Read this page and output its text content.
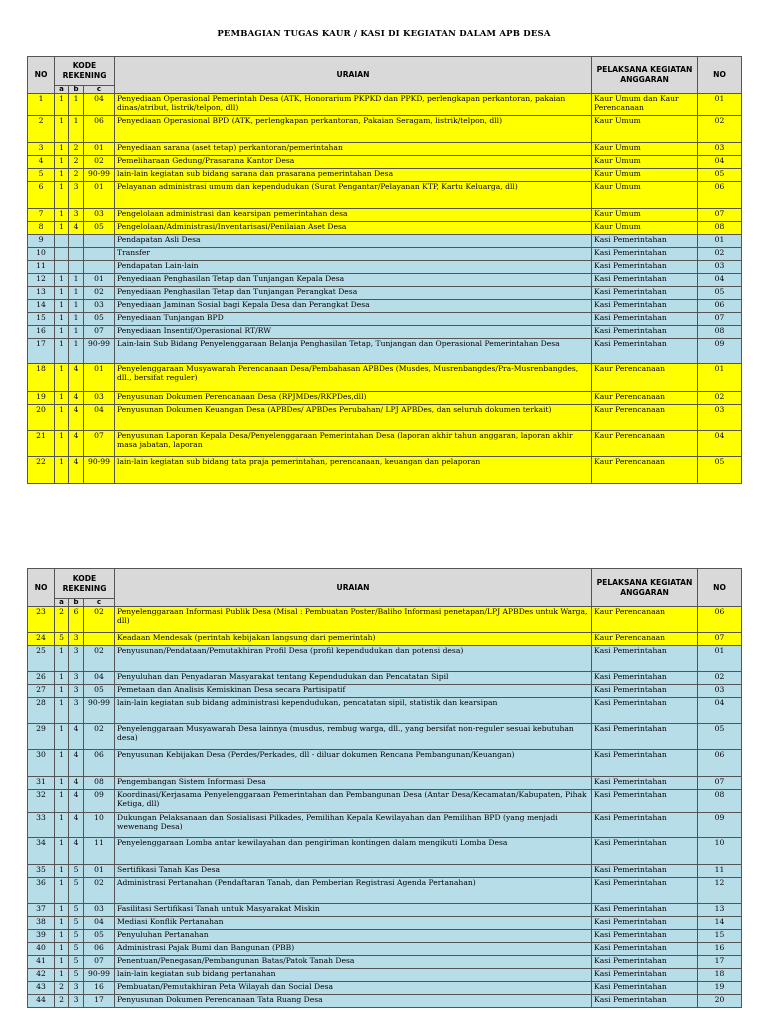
PEMBAGIAN TUGAS KAUR / KASI DI KEGIATAN DALAM APB DESA
NO	KODE REKENING			URAIAN	PELAKSANA KEGIATAN ANGGARAN	NO
	a	b	c			
1	1	1	04	Penyediaan Operasional Pemerintah Desa (ATK, Honorarium PKPKD dan PPKD, perlengkapan perkantoran, pakaian dinas/atribut, listrik/telpon, dll)	Kaur Umum dan Kaur Perencanaan	01
2	1	1	06	Penyediaan Operasional BPD (ATK, perlengkapan perkantoran, Pakaian Seragam, listrik/telpon, dll)	Kaur Umum	02
3	1	2	01	Penyediaan sarana (aset tetap) perkantoran/pemerintahan	Kaur Umum	03
4	1	2	02	Pemeliharaan Gedung/Prasarana Kantor Desa	Kaur Umum	04
5	1	2	90-99	lain-lain kegiatan sub bidang sarana dan prasarana pemerintahan Desa	Kaur Umum	05
6	1	3	01	Pelayanan administrasi umum dan kependudukan (Surat Pengantar/Pelayanan KTP, Kartu Keluarga, dll)	Kaur Umum	06
7	1	3	03	Pengelolaan administrasi dan kearsipan pemerintahan desa	Kaur Umum	07
8	1	4	05	Pengelolaan/Administrasi/Inventarisasi/Penilaian Aset Desa	Kaur Umum	08
9				Pendapatan Asli Desa	Kasi Pemerintahan	01
10				Transfer	Kasi Pemerintahan	02
11				Pendapatan Lain-lain	Kasi Pemerintahan	03
12	1	1	01	Penyediaan Penghasilan Tetap dan Tunjangan Kepala Desa	Kasi Pemerintahan	04
13	1	1	02	Penyediaan Penghasilan Tetap dan Tunjangan Perangkat Desa	Kasi Pemerintahan	05
14	1	1	03	Penyediaan Jaminan Sosial bagi Kepala Desa dan Perangkat Desa	Kasi Pemerintahan	06
15	1	1	05	Penyediaan Tunjangan BPD	Kasi Pemerintahan	07
16	1	1	07	Penyediaan Insentif/Operasional RT/RW	Kasi Pemerintahan	08
17	1	1	90-99	Lain-lain Sub Bidang Penyelenggaraan Belanja Penghasilan Tetap, Tunjangan dan Operasional Pemerintahan Desa	Kasi Pemerintahan	09
18	1	4	01	Penyelenggaraan Musyawarah Perencanaan Desa/Pembahasan APBDes (Musdes, Musrenbangdes/Pra-Musrenbangdes, dll., bersifat reguler)	Kaur Perencanaan	01
19	1	4	03	Penyusunan Dokumen Perencanaan Desa (RPJMDes/RKPDes,dll)	Kaur Perencanaan	02
20	1	4	04	Penyusunan Dokumen Keuangan Desa (APBDes/ APBDes Perubahan/ LPJ APBDes, dan seluruh dokumen terkait)	Kaur Perencanaan	03
21	1	4	07	Penyusunan Laporan Kepala Desa/Penyelenggaraan Pemerintahan Desa (laporan akhir tahun anggaran, laporan akhir masa jabatan, laporan	Kaur Perencanaan	04
22	1	4	90-99	lain-lain kegiatan sub bidang tata praja pemerintahan, perencanaan, keuangan dan pelaporan	Kaur Perencanaan	05
NO	KODE REKENING			URAIAN	PELAKSANA KEGIATAN ANGGARAN	NO
	a	b	c			
23	2	6	02	Penyelenggaraan Informasi Publik Desa (Misal : Pembuatan Poster/Baliho Informasi penetapan/LPJ APBDes untuk Warga, dll)	Kaur Perencanaan	06
24	5	3		Keadaan Mendesak (perintah kebijakan langsung dari pemerintah)	Kaur Perencanaan	07
25	1	3	02	Penyusunan/Pendataan/Pemutakhiran Profil Desa (profil kependudukan dan potensi desa)	Kasi Pemerintahan	01
26	1	3	04	Penyuluhan dan Penyadaran Masyarakat tentang Kependudukan dan Pencatatan Sipil	Kasi Pemerintahan	02
27	1	3	05	Pemetaan dan Analisis Kemiskinan Desa secara Partisipatif	Kasi Pemerintahan	03
28	1	3	90-99	lain-lain kegiatan sub bidang administrasi kependudukan, pencatatan sipil, statistik dan kearsipan	Kasi Pemerintahan	04
29	1	4	02	Penyelenggaraan Musyawarah Desa lainnya (musdus, rembug warga, dll., yang bersifat non-reguler sesuai kebutuhan desa)	Kasi Pemerintahan	05
30	1	4	06	Penyusunan Kebijakan Desa (Perdes/Perkades, dll - diluar dokumen Rencana Pembangunan/Keuangan)	Kasi Pemerintahan	06
31	1	4	08	Pengembangan Sistem Informasi Desa	Kasi Pemerintahan	07
32	1	4	09	Koordinasi/Kerjasama Penyelenggaraan Pemerintahan dan Pembangunan Desa (Antar Desa/Kecamatan/Kabupaten, Pihak Ketiga, dll)	Kasi Pemerintahan	08
33	1	4	10	Dukungan Pelaksanaan dan Sosialisasi Pilkades, Pemilihan Kepala Kewilayahan dan Pemilihan BPD (yang menjadi wewenang Desa)	Kasi Pemerintahan	09
34	1	4	11	Penyelenggaraan Lomba antar kewilayahan dan pengiriman kontingen dalam mengikuti Lomba Desa	Kasi Pemerintahan	10
35	1	5	01	Sertifikasi Tanah Kas Desa	Kasi Pemerintahan	11
36	1	5	02	Administrasi Pertanahan (Pendaftaran Tanah, dan Pemberian Registrasi Agenda Pertanahan)	Kasi Pemerintahan	12
37	1	5	03	Fasilitasi Sertifikasi Tanah untuk Masyarakat Miskin	Kasi Pemerintahan	13
38	1	5	04	Mediasi Konflik Pertanahan	Kasi Pemerintahan	14
39	1	5	05	Penyuluhan Pertanahan	Kasi Pemerintahan	15
40	1	5	06	Administrasi Pajak Bumi dan Bangunan (PBB)	Kasi Pemerintahan	16
41	1	5	07	Penentuan/Penegasan/Pembangunan Batas/Patok Tanah Desa	Kasi Pemerintahan	17
42	1	5	90-99	lain-lain kegiatan sub bidang pertanahan	Kasi Pemerintahan	18
43	2	3	16	Pembuatan/Pemutakhiran Peta Wilayah dan Social Desa	Kasi Pemerintahan	19
44	2	3	17	Penyusunan Dokumen Perencanaan Tata Ruang Desa	Kasi Pemerintahan	20
